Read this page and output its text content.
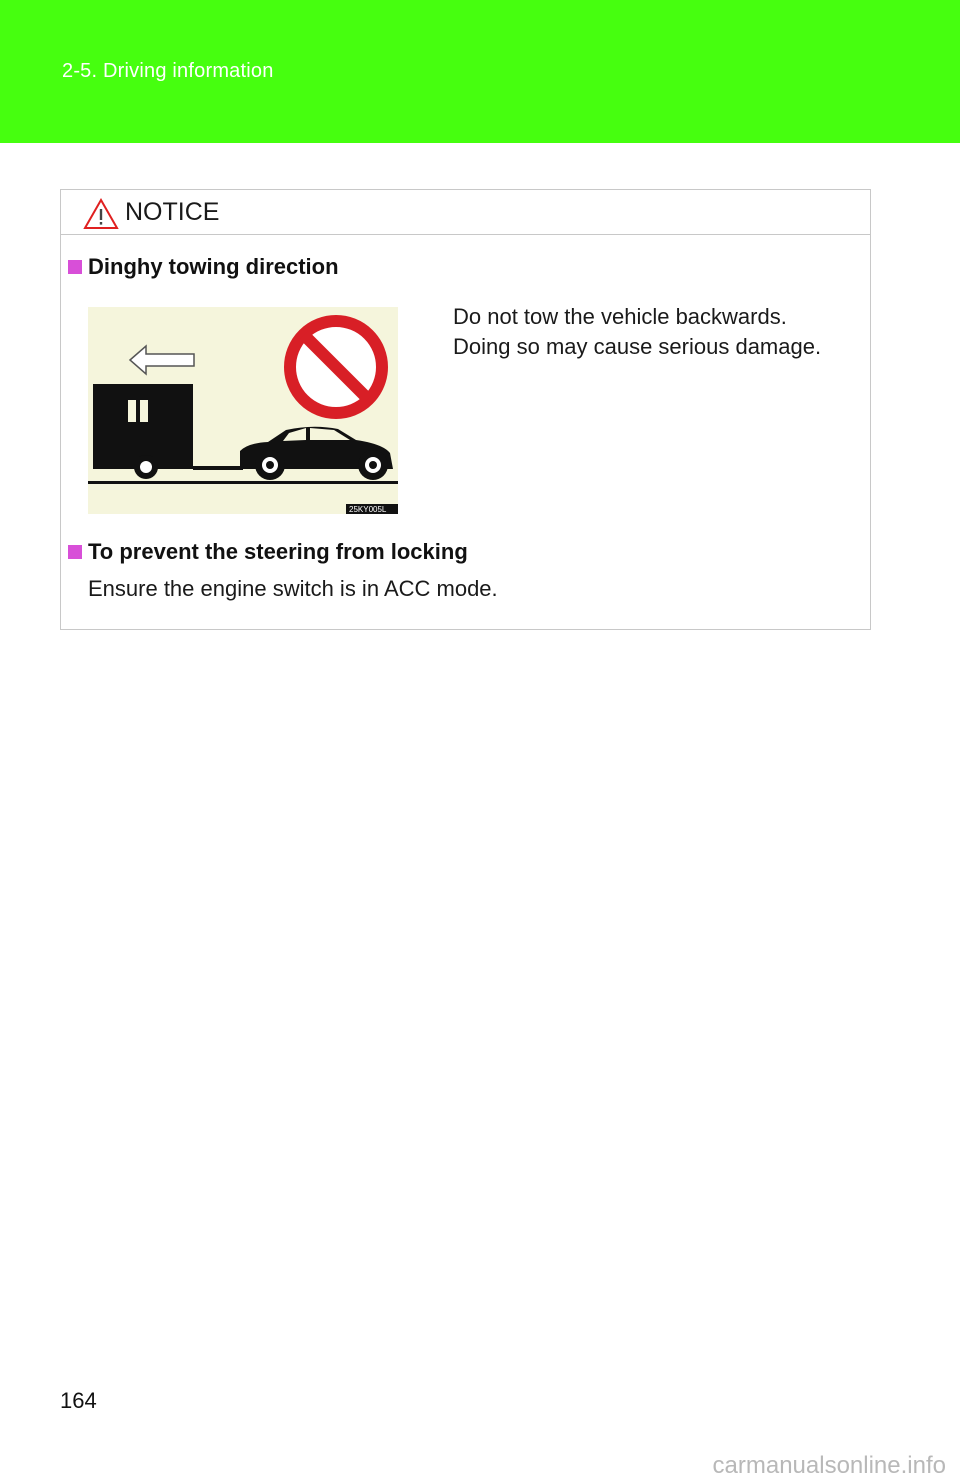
2-5. Driving information
NOTICE
Dinghy towing direction
25KY005L
Do not tow the vehicle backwards.
Doing so may cause serious damage.
To prevent the steering from locking
Ensure the engine switch is in ACC mode.
164
carmanualsonline.info
